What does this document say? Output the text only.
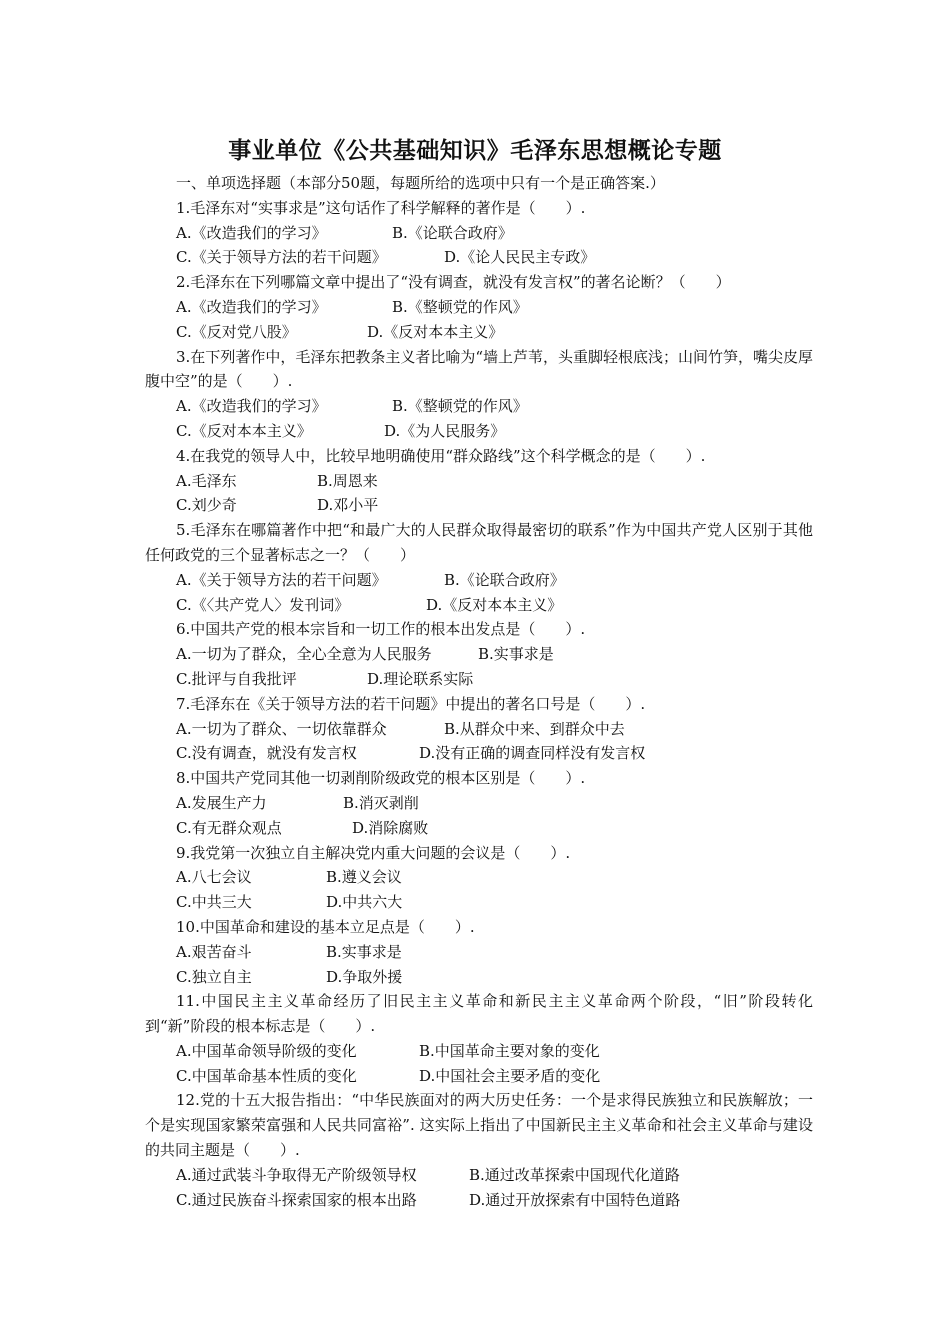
事业单位《公共基础知识》毛泽东思想概论专题
一、单项选择题（本部分50题，每题所给的选项中只有一个是正确答案.）
1.毛泽东对“实事求是”这句话作了科学解释的著作是（　　）.
A.《改造我们的学习》	B.《论联合政府》
C.《关于领导方法的若干问题》	D.《论人民民主专政》
2.毛泽东在下列哪篇文章中提出了“没有调查，就没有发言权”的著名论断？（　　）
A.《改造我们的学习》	B.《整顿党的作风》
C.《反对党八股》	D.《反对本本主义》
3.在下列著作中，毛泽东把教条主义者比喻为“墙上芦苇，头重脚轻根底浅；山间竹笋，嘴尖皮厚腹中空”的是（　　）.
A.《改造我们的学习》	B.《整顿党的作风》
C.《反对本本主义》	D.《为人民服务》
4.在我党的领导人中，比较早地明确使用“群众路线”这个科学概念的是（　　）.
A.毛泽东	B.周恩来
C.刘少奇	D.邓小平
5.毛泽东在哪篇著作中把“和最广大的人民群众取得最密切的联系”作为中国共产党人区别于其他任何政党的三个显著标志之一？（　　）
A.《关于领导方法的若干问题》	B.《论联合政府》
C.《〈共产党人〉发刊词》	D.《反对本本主义》
6.中国共产党的根本宗旨和一切工作的根本出发点是（　　）.
A.一切为了群众，全心全意为人民服务	B.实事求是
C.批评与自我批评	D.理论联系实际
7.毛泽东在《关于领导方法的若干问题》中提出的著名口号是（　　）.
A.一切为了群众、一切依靠群众	B.从群众中来、到群众中去
C.没有调查，就没有发言权	D.没有正确的调查同样没有发言权
8.中国共产党同其他一切剥削阶级政党的根本区别是（　　）.
A.发展生产力	B.消灭剥削
C.有无群众观点	D.消除腐败
9.我党第一次独立自主解决党内重大问题的会议是（　　）.
A.八七会议	B.遵义会议
C.中共三大	D.中共六大
10.中国革命和建设的基本立足点是（　　）.
A.艰苦奋斗	B.实事求是
C.独立自主	D.争取外援
11.中国民主主义革命经历了旧民主主义革命和新民主主义革命两个阶段，“旧”阶段转化到“新”阶段的根本标志是（　　）.
A.中国革命领导阶级的变化	B.中国革命主要对象的变化
C.中国革命基本性质的变化	D.中国社会主要矛盾的变化
12.党的十五大报告指出：“中华民族面对的两大历史任务：一个是求得民族独立和民族解放；一个是实现国家繁荣富强和人民共同富裕”. 这实际上指出了中国新民主主义革命和社会主义革命与建设的共同主题是（　　）.
A.通过武装斗争取得无产阶级领导权	B.通过改革探索中国现代化道路
C.通过民族奋斗探索国家的根本出路	D.通过开放探索有中国特色道路
